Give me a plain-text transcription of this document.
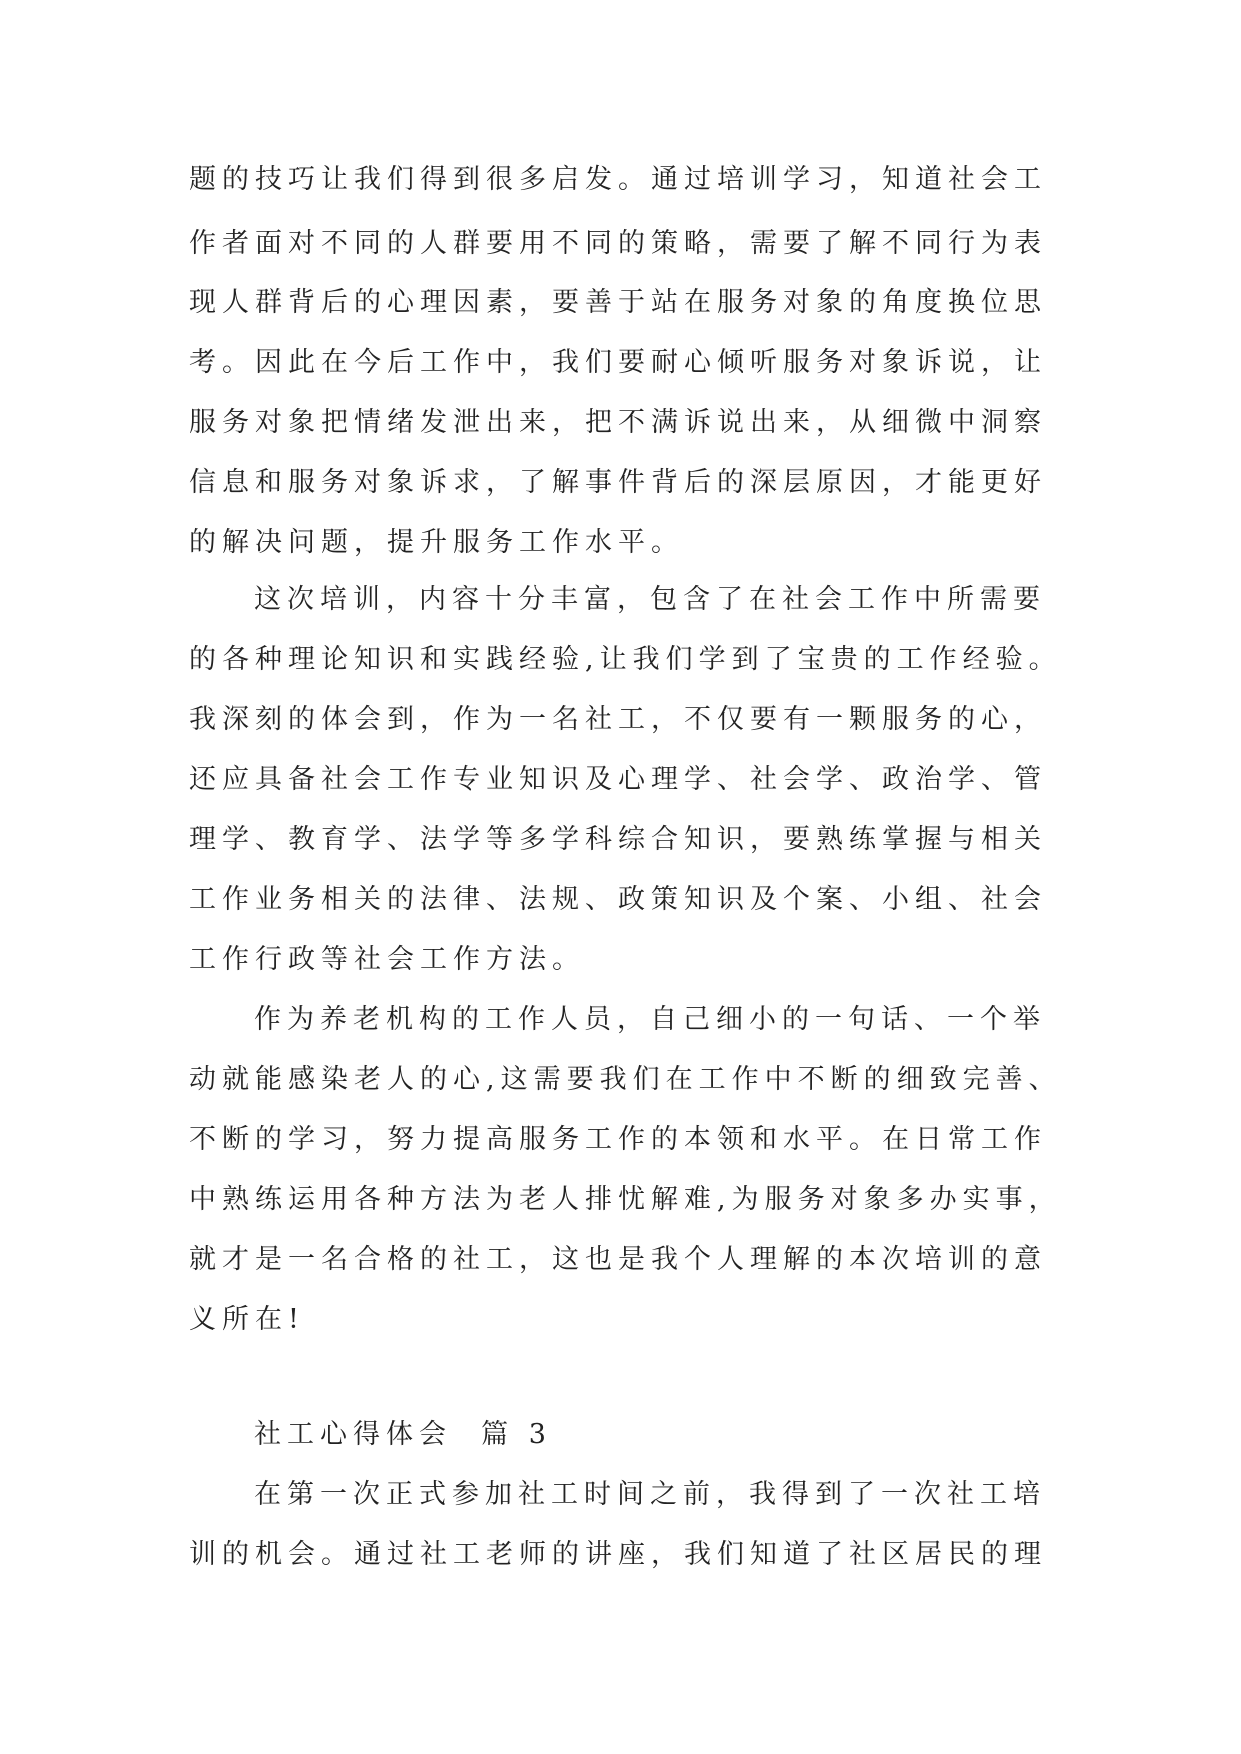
题的技巧让我们得到很多启发。通过培训学习，知道社会工
作者面对不同的人群要用不同的策略，需要了解不同行为表
现人群背后的心理因素，要善于站在服务对象的角度换位思
考。因此在今后工作中，我们要耐心倾听服务对象诉说，让
服务对象把情绪发泄出来，把不满诉说出来，从细微中洞察
信息和服务对象诉求，了解事件背后的深层原因，才能更好
的解决问题，提升服务工作水平。
这次培训，内容十分丰富，包含了在社会工作中所需要
的各种理论知识和实践经验,让我们学到了宝贵的工作经验。
我深刻的体会到，作为一名社工，不仅要有一颗服务的心，
还应具备社会工作专业知识及心理学、社会学、政治学、管
理学、教育学、法学等多学科综合知识，要熟练掌握与相关
工作业务相关的法律、法规、政策知识及个案、小组、社会
工作行政等社会工作方法。
作为养老机构的工作人员，自己细小的一句话、一个举
动就能感染老人的心,这需要我们在工作中不断的细致完善、
不断的学习，努力提高服务工作的本领和水平。在日常工作
中熟练运用各种方法为老人排忧解难,为服务对象多办实事，
就才是一名合格的社工，这也是我个人理解的本次培训的意
义所在!
社工心得体会  篇 3
在第一次正式参加社工时间之前，我得到了一次社工培
训的机会。通过社工老师的讲座，我们知道了社区居民的理
